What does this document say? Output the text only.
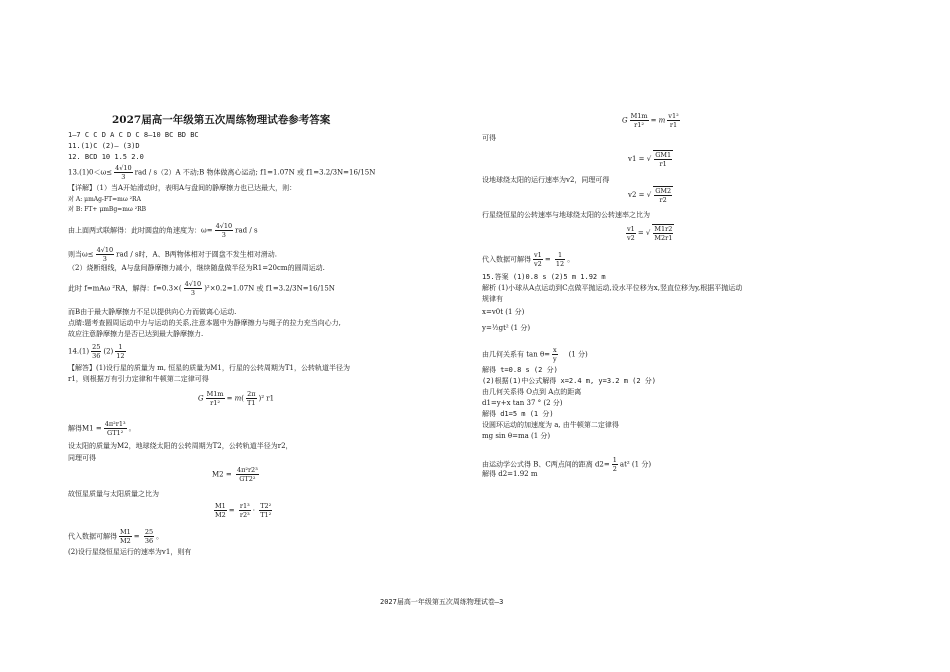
2027届高一年级第五次周练物理试卷参考答案
1—7 C C D A C D C 8—10 BC BD BC
11.(1)C (2)— (3)D
12. BCD 10 1.5 2.0
$13.(1)0<\omega\le \frac{4√10}{3}$ rad / s（2）A 不动;B 物体做离心运动; f1=1.07N 或 f1=3.2/3N=16/15N
【详解】（1）当A开始滑动时，表明A与盘间的静摩擦力也已达最大，则：
对 A: μmAg-FT=mω ²RA
对 B: FT+ μmBg=mω ²RB
由上面两式联解得：此时圆盘的角速度为：$\omega= \frac{4√10}{3}$ rad / s
则当$\omega\le \frac{4√10}{3}$ rad / s时，A、B两物体相对于圆盘不发生相对滑动.
（2）烧断细线，A与盘间静摩擦力减小，继续随盘做半径为R1=20cm的圆周运动.
此时 f=mAω ²RA，解得：$f=0.3\times( \frac{4√10}{3} )^2\times 0.2=1.07N$ 或 f1=3.2/3N=16/15N
而B由于最大静摩擦力不足以提供向心力而做离心运动.
点睛:题考查圆周运动中力与运动的关系,注意本题中为静摩擦力与绳子的拉力充当向心力,
故应注意静摩擦力是否已达到最大静摩擦力.
$14.(1) \frac{25}{36} (2) \frac{1}{12}$
【解答】(1)设行星的质量为 m, 恒星的质量为M1，行星的公转周期为T1，公转轨道半径为
r1，则根据万有引力定律和牛顿第二定律可得
G $\frac{M1m}{\text{r1²}} = m( \frac{2\pi}{T1} )^2$ r1
解得$M1 = \frac{\text{4π²r1³}}{\text{GT1²}}$ 。
设太阳的质量为M2，地球绕太阳的公转周期为T2，公转轨道半径为r2，
同理可得
$M2 = \frac{\text{4π²r2³}}{\text{GT2²}}$
故恒星质量与太阳质量之比为
$\frac{M1}{M2} = \frac{\text{r1³}}{\text{r2³}} \cdot \frac{\text{T2²}}{\text{T1²}}$
代入数据可解得 $\frac{M1}{M2} = \frac{25}{36}$ 。
(2)设行星绕恒星运行的速率为v1，则有
G $\frac{M1m}{\text{r1²}} = m \frac{\text{v1²}}{r1}$
可得
v1 = √ $\frac{GM1}{r1}$
设地球绕太阳的运行速率为v2，同理可得
v2 = √ $\frac{GM2}{r2}$
行星绕恒星的公转速率与地球绕太阳的公转速率之比为
$\frac{v1}{v2}$ = √ $\frac{M1r2}{M2r1}$
代入数据可解得 $\frac{v1}{v2} = \frac{1}{12}$ 。
15.答案 (1)0.8 s (2)5 m 1.92 m
解析 (1)小球从A点运动到C点做平抛运动,设水平位移为x,竖直位移为y,根据平抛运动
规律有
x=v0t (1 分)
y=½gt² (1 分)
由几何关系有 $\tan \theta= \frac{x}{y} (1$ 分)
解得 t=0.8 s (2 分)
(2)根据(1)中公式解得 x=2.4 m, y=3.2 m (2 分)
由几何关系得 O点到 A点的距离
d1=y+x tan 37 ° (2 分)
解得 d1=5 m (1 分)
设圆环运动的加速度为 a, 由牛顿第二定律得
mg sin θ=ma (1 分)
由运动学公式得 B、C两点间的距离 $d2= \frac{1}{2} at^2$ (1 分)
解得 d2=1.92 m
2027届高一年级第五次周练物理试卷—3
